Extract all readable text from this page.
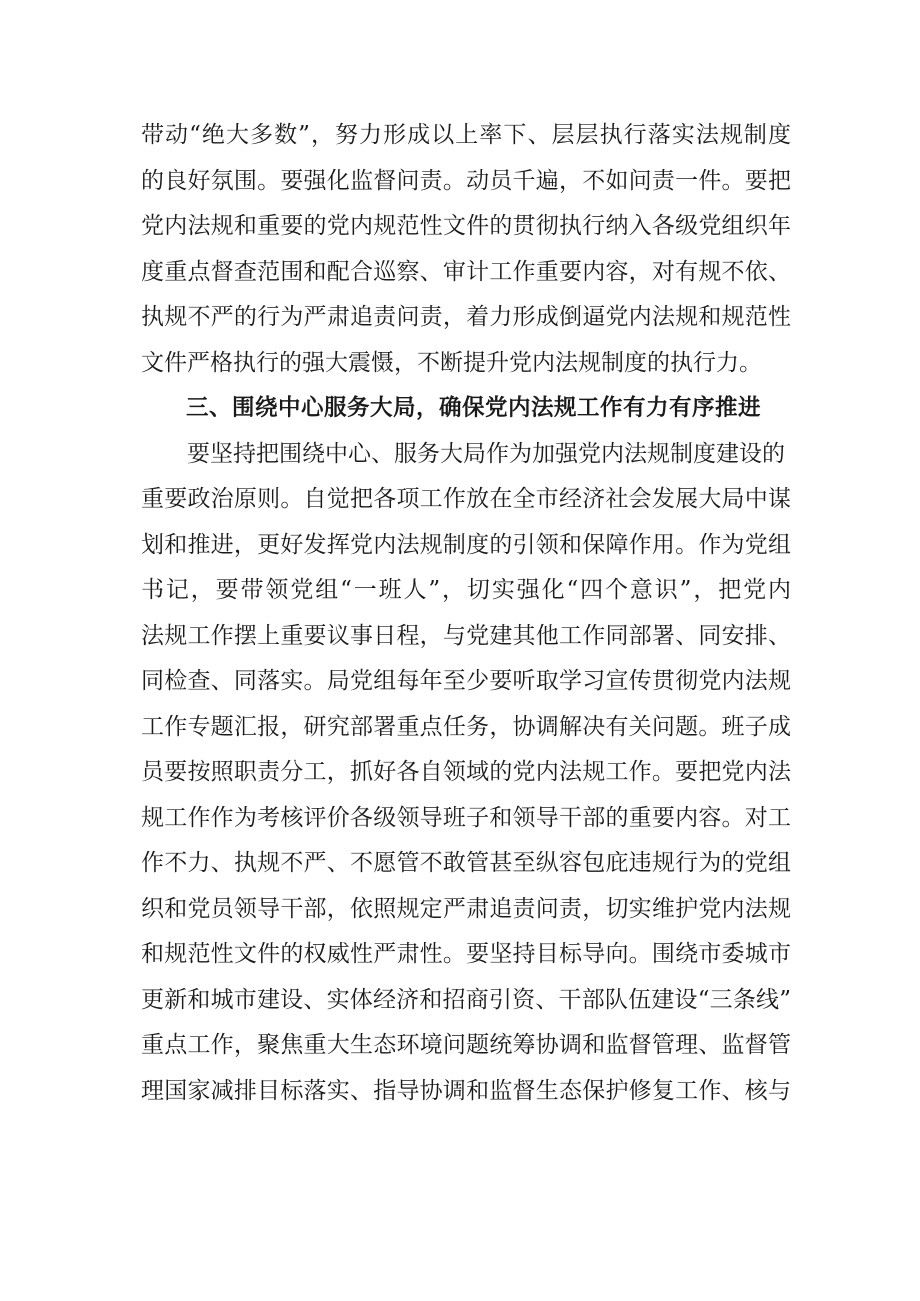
带动“绝大多数”，努力形成以上率下、层层执行落实法规制度
的良好氛围。要强化监督问责。动员千遍，不如问责一件。要把
党内法规和重要的党内规范性文件的贯彻执行纳入各级党组织年
度重点督查范围和配合巡察、审计工作重要内容，对有规不依、
执规不严的行为严肃追责问责，着力形成倒逼党内法规和规范性
文件严格执行的强大震慑，不断提升党内法规制度的执行力。
三、围绕中心服务大局，确保党内法规工作有力有序推进
要坚持把围绕中心、服务大局作为加强党内法规制度建设的
重要政治原则。自觉把各项工作放在全市经济社会发展大局中谋
划和推进，更好发挥党内法规制度的引领和保障作用。作为党组
书记，要带领党组“一班人”，切实强化“四个意识”，把党内
法规工作摆上重要议事日程，与党建其他工作同部署、同安排、
同检查、同落实。局党组每年至少要听取学习宣传贯彻党内法规
工作专题汇报，研究部署重点任务，协调解决有关问题。班子成
员要按照职责分工，抓好各自领域的党内法规工作。要把党内法
规工作作为考核评价各级领导班子和领导干部的重要内容。对工
作不力、执规不严、不愿管不敢管甚至纵容包庇违规行为的党组
织和党员领导干部，依照规定严肃追责问责，切实维护党内法规
和规范性文件的权威性严肃性。要坚持目标导向。围绕市委城市
更新和城市建设、实体经济和招商引资、干部队伍建设“三条线”
重点工作，聚焦重大生态环境问题统筹协调和监督管理、监督管
理国家减排目标落实、指导协调和监督生态保护修复工作、核与
